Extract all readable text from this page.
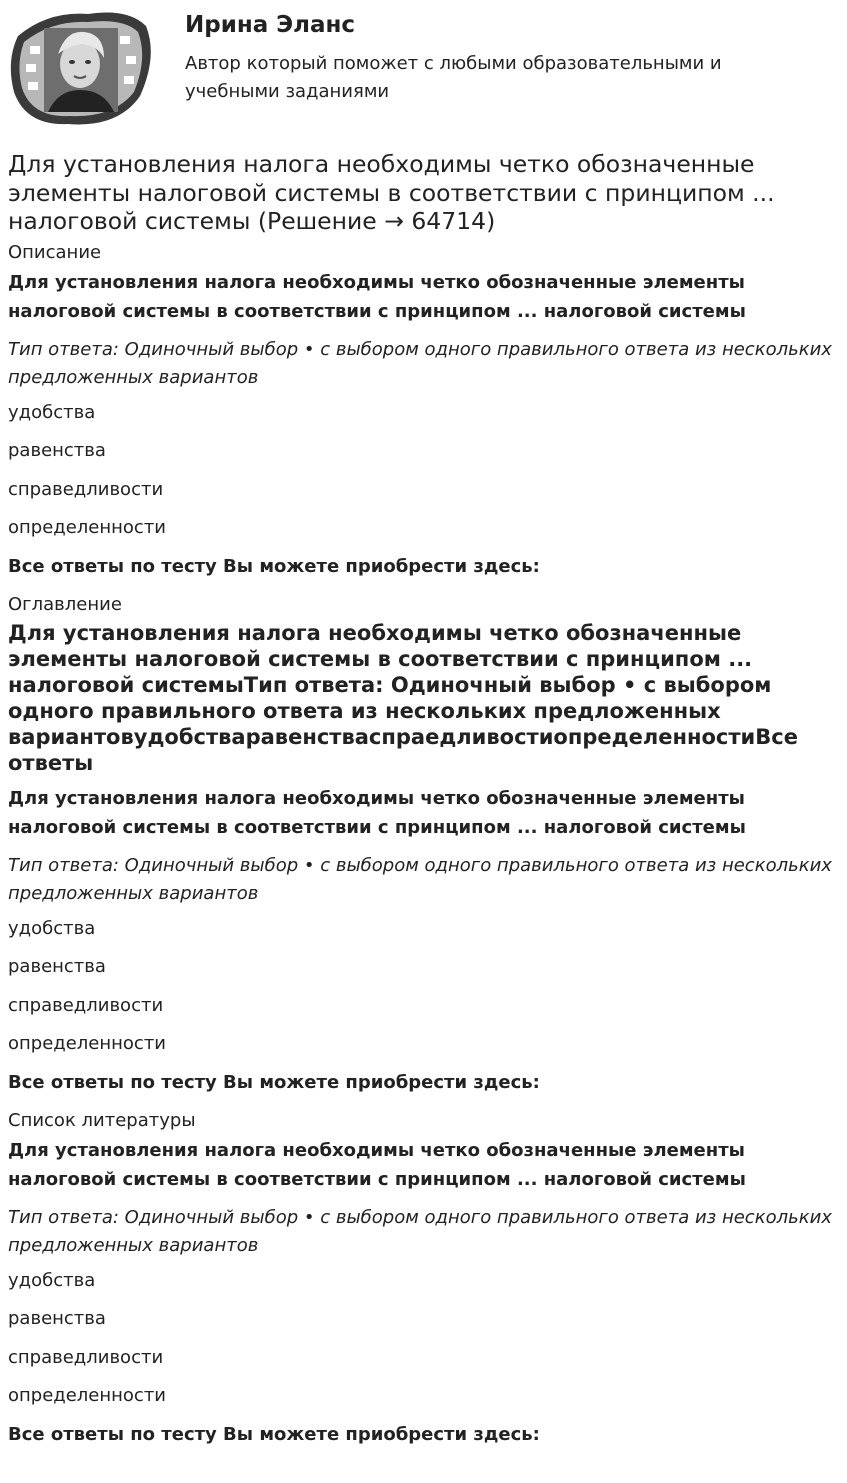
Ирина Эланс

Автор который поможет с любыми образовательными и учебными заданиями

Для установления налога необходимы четко обозначенные элементы налоговой системы в соответствии с принципом ... налоговой системы (Решение → 64714)

Описание

Для установления налога необходимы четко обозначенные элементы налоговой системы в соответствии с принципом ... налоговой системы

Тип ответа: Одиночный выбор • с выбором одного правильного ответа из нескольких предложенных вариантов

удобства

равенства

справедливости

определенности

Все ответы по тесту Вы можете приобрести здесь:

Оглавление

Для установления налога необходимы четко обозначенные
элементы налоговой системы в соответствии с принципом ...
налоговой системыТип ответа: Одиночный выбор • с выбором
одного правильного ответа из нескольких предложенных
вариантовудобстваравенстваспраедливостиопределенностиВсе
ответы

Для установления налога необходимы четко обозначенные элементы налоговой системы в соответствии с принципом ... налоговой системы

Тип ответа: Одиночный выбор • с выбором одного правильного ответа из нескольких предложенных вариантов

удобства

равенства

справедливости

определенности

Все ответы по тесту Вы можете приобрести здесь:

Список литературы

Для установления налога необходимы четко обозначенные элементы налоговой системы в соответствии с принципом ... налоговой системы

Тип ответа: Одиночный выбор • с выбором одного правильного ответа из нескольких предложенных вариантов

удобства

равенства

справедливости

определенности

Все ответы по тесту Вы можете приобрести здесь:
